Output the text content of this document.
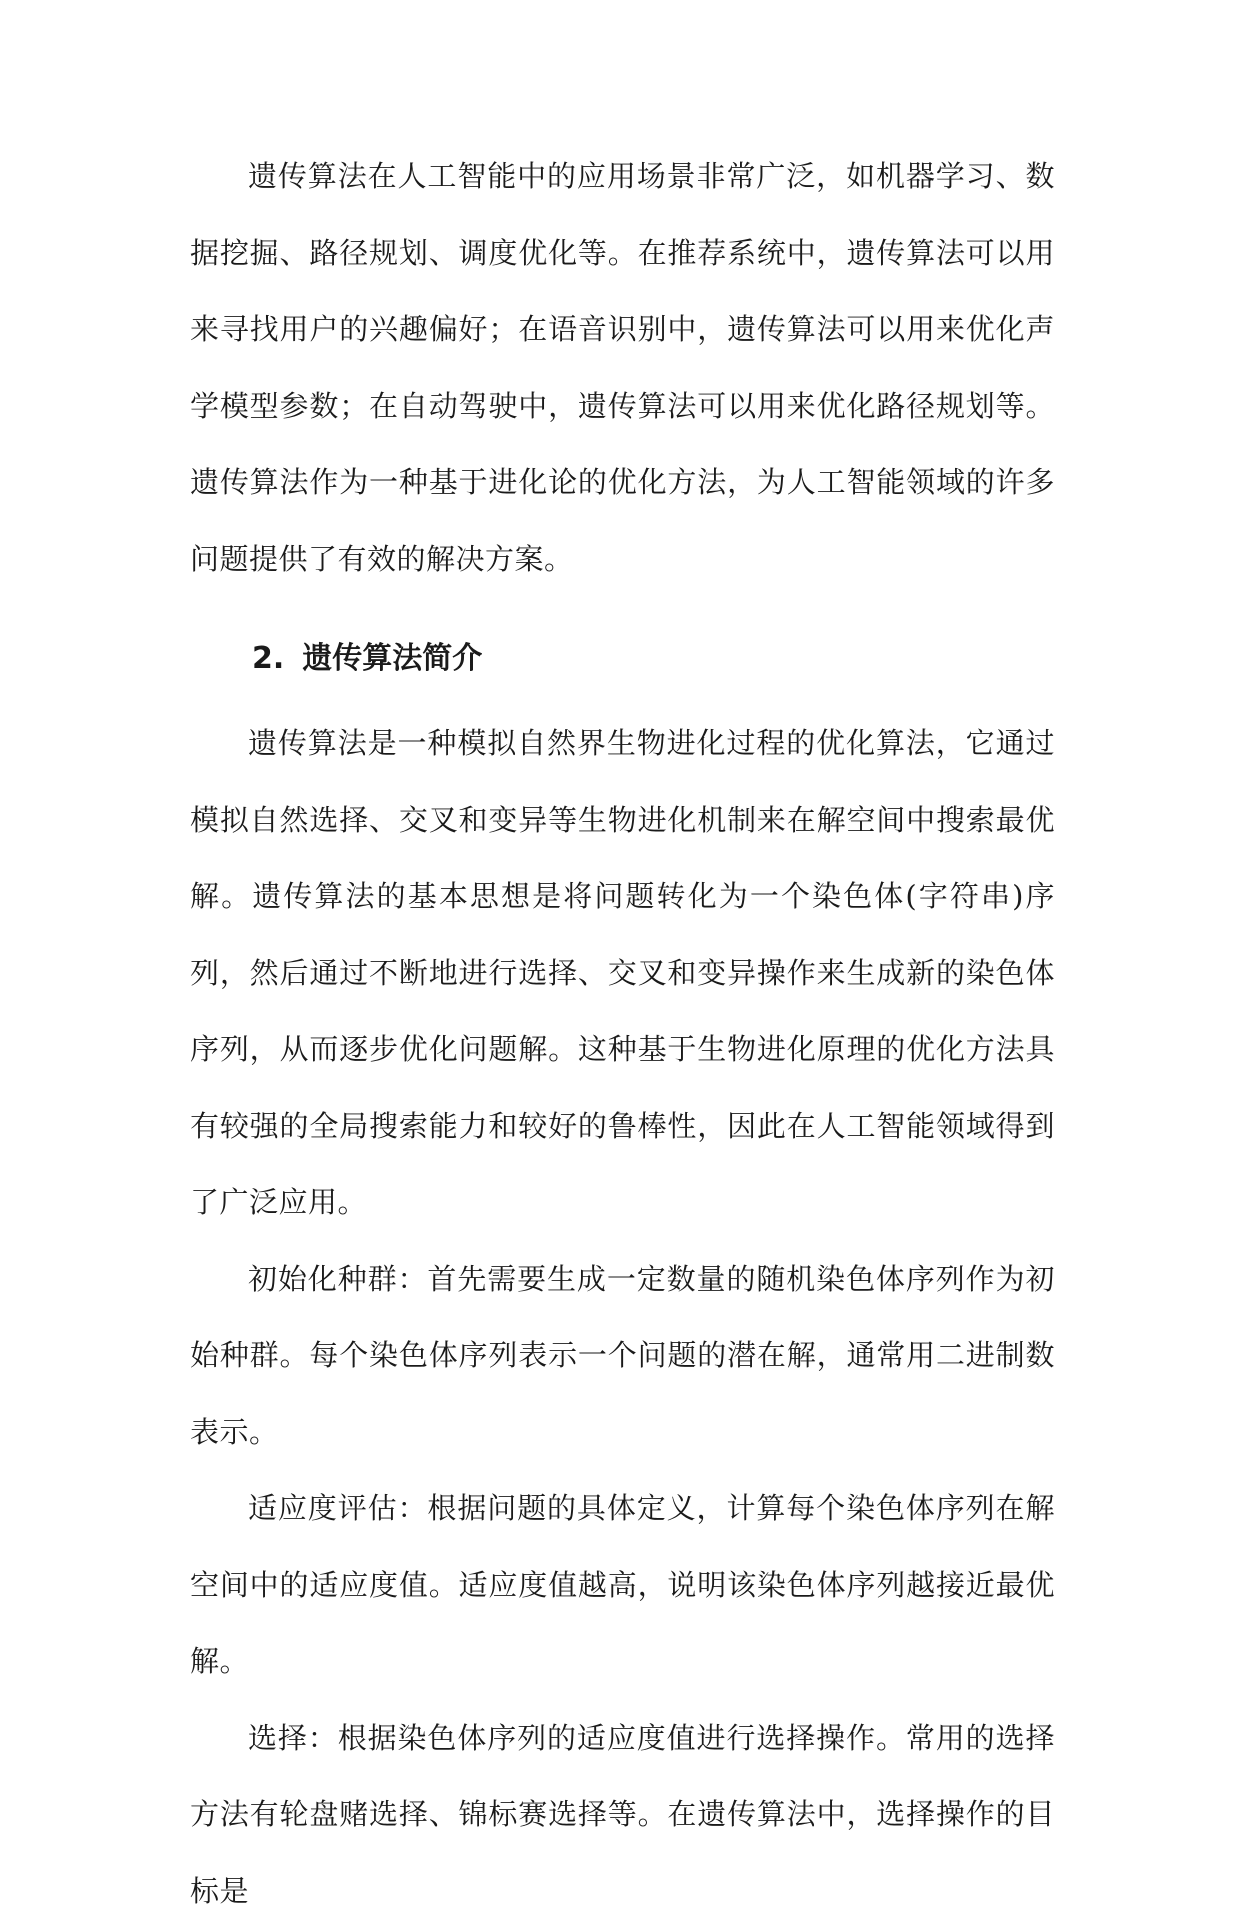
遗传算法在人工智能中的应用场景非常广泛，如机器学习、数据挖掘、路径规划、调度优化等。在推荐系统中，遗传算法可以用来寻找用户的兴趣偏好；在语音识别中，遗传算法可以用来优化声学模型参数；在自动驾驶中，遗传算法可以用来优化路径规划等。遗传算法作为一种基于进化论的优化方法，为人工智能领域的许多问题提供了有效的解决方案。

2. 遗传算法简介

遗传算法是一种模拟自然界生物进化过程的优化算法，它通过模拟自然选择、交叉和变异等生物进化机制来在解空间中搜索最优解。遗传算法的基本思想是将问题转化为一个染色体(字符串)序列，然后通过不断地进行选择、交叉和变异操作来生成新的染色体序列，从而逐步优化问题解。这种基于生物进化原理的优化方法具有较强的全局搜索能力和较好的鲁棒性，因此在人工智能领域得到了广泛应用。

初始化种群：首先需要生成一定数量的随机染色体序列作为初始种群。每个染色体序列表示一个问题的潜在解，通常用二进制数表示。

适应度评估：根据问题的具体定义，计算每个染色体序列在解空间中的适应度值。适应度值越高，说明该染色体序列越接近最优解。

选择：根据染色体序列的适应度值进行选择操作。常用的选择方法有轮盘赌选择、锦标赛选择等。在遗传算法中，选择操作的目标是
